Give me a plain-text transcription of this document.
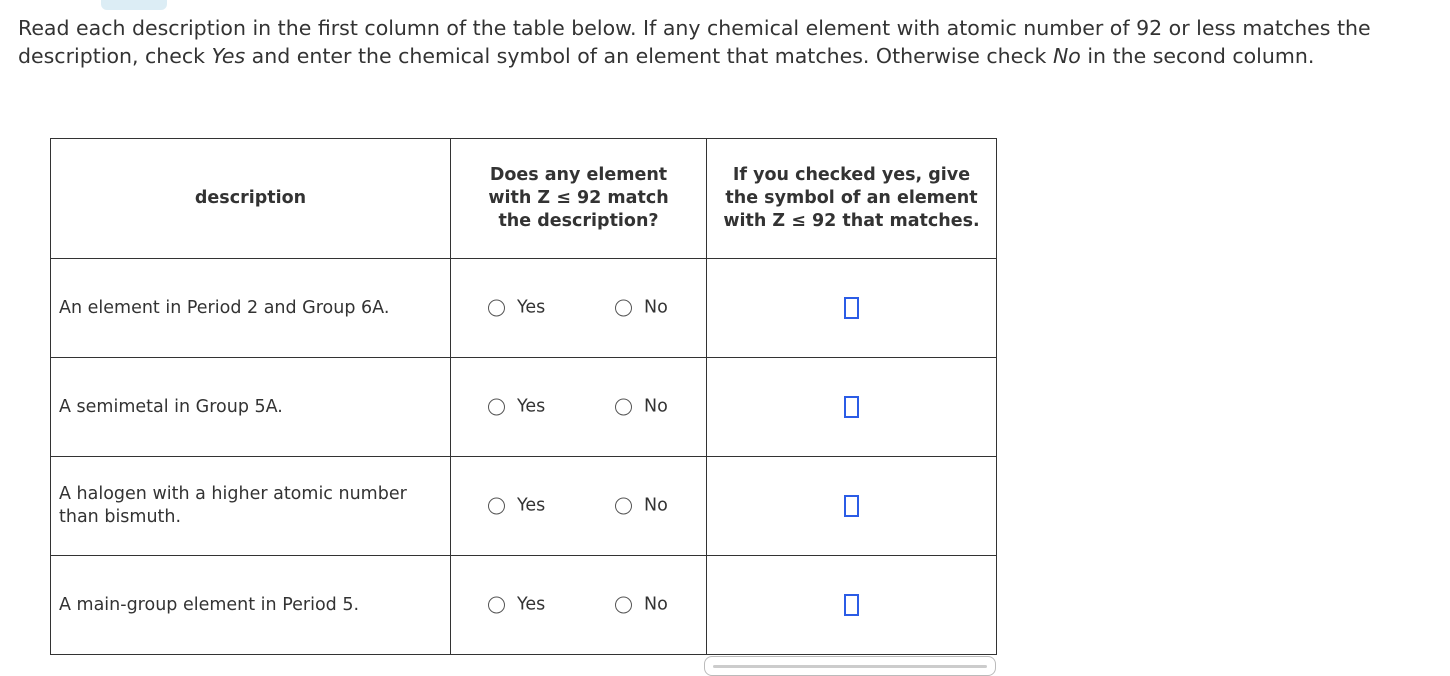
Read each description in the first column of the table below. If any chemical element with atomic number of 92 or less matches the description, check Yes and enter the chemical symbol of an element that matches. Otherwise check No in the second column.

description	Does any element with Z ≤ 92 match the description?	If you checked yes, give the symbol of an element with Z ≤ 92 that matches.
An element in Period 2 and Group 6A.	Yes No	

A semimetal in Group 5A.	Yes No	

A halogen with a higher atomic number than bismuth.	Yes No	

A main-group element in Period 5.	Yes No	
